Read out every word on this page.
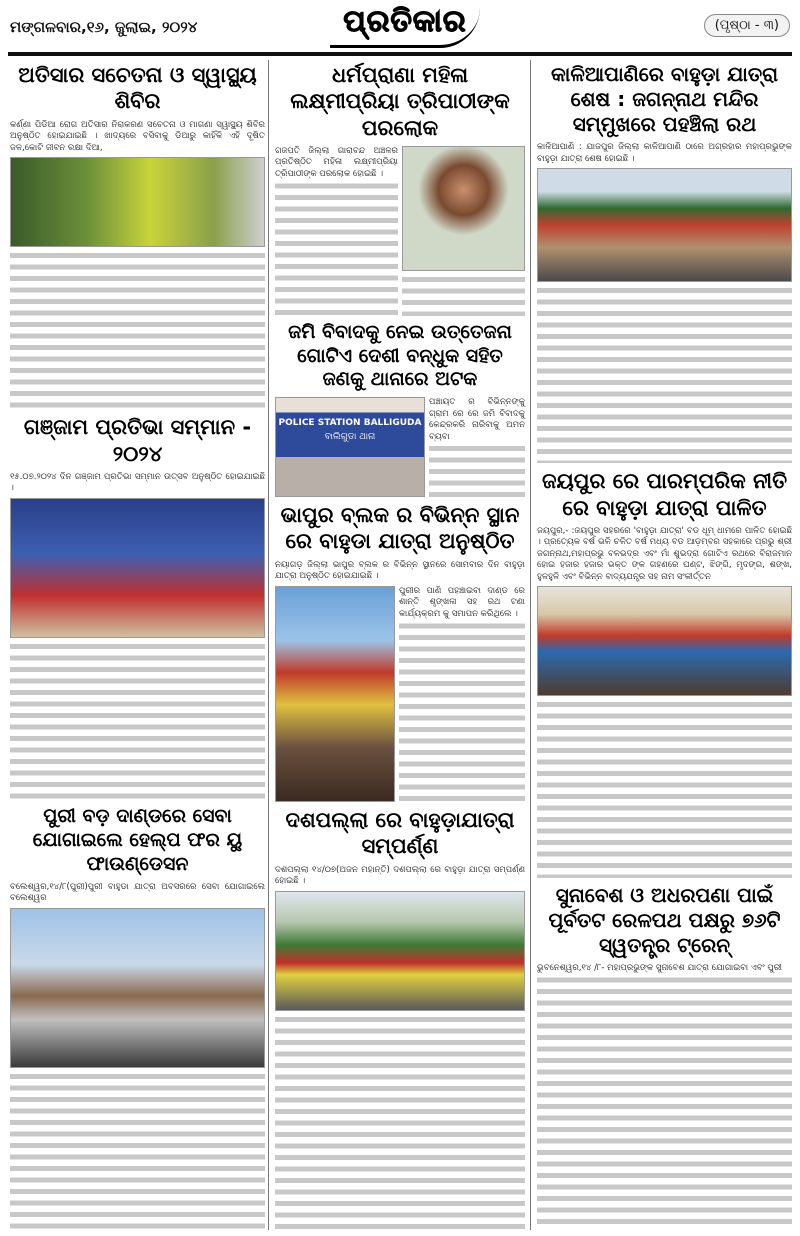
ମଙ୍ଗଳବାର,୧୬, ଜୁଲାଇ, ୨୦୨୪	ପ୍ରତିକାର	(ପୃଷ୍ଠା - ୩)
ଅତିସାର ସଚେତନା ଓ ସ୍ୱାସ୍ଥ୍ୟ ଶିବିର
କର୍ଣ୍ଣା ପିଡିଆ ରୋଗ ଅତିସାର ନିରାକରଣ ସଚେତନା ଓ ମାଗଣା ସ୍ୱାସ୍ଥ୍ୟ ଶିବିର ଅନୁଷ୍ଠିତ ହୋଇଯାଇଛି । ଖାଦ୍ୟରେ ବସିବାକୁ ଡିଆରୁ କାହିଁକି ଏହି ଦୂଷିତ ଜଳ,କୋଟି ଜୀବନ ରକ୍ଷା ଦିଆ,
ଗଞ୍ଜାମ ପ୍ରତିଭା ସମ୍ମାନ - ୨୦୨୪
୧୫.୦୭.୨୦୨୪ ଦିନ ଗଞ୍ଜାମ ପ୍ରତିଭା ସମ୍ମାନ ଉତ୍ସବ ଅନୁଷ୍ଠିତ ହୋଇଯାଇଛି ।
ପୁରୀ ବଡ଼ ଦାଣ୍ଡରେ ସେବା ଯୋଗାଇଲେ ହେଲ୍ପ ଫର ୟୁ ଫାଉଣ୍ଡେସନ
ବଲେଶ୍ୱର,୧୪/୮(ପୁରୀ)ପୁରୀ ବାହୁଡା ଯାତ୍ରା ଅବସରରେ ସେବା ଯୋଗାଇଲେ ବଲେଶ୍ୱର
ଧର୍ମପ୍ରାଣା ମହିଳା ଲକ୍ଷ୍ମୀପ୍ରିୟା ତ୍ରିପାଠୀଙ୍କ ପରଲୋକ
ଗଜପତି ଜିଲ୍ଲା ଗାରାବନ୍ଦ ଅଞ୍ଚଳର ପ୍ରତିଷ୍ଠିତ ମହିଳା ଲକ୍ଷ୍ମୀପ୍ରିୟା ତ୍ରିପାଠୀଙ୍କ ପରଲୋକ ହୋଇଛି ।
ଜମି ବିବାଦକୁ ନେଇ ଉତ୍ତେଜନା ଗୋଟିଏ ଦେଶୀ ବନ୍ଧୁକ ସହିତ ଜଣକୁ ଥାନାରେ ଅଟକ
POLICE STATION BALLIGUDA
ବାଲିଗୁଡା ଥାନା
ପଞ୍ଚାୟତ ର ବିଭିନ୍ନଙ୍କୁ ଗ୍ରାମ ରେ ରେ ଜମି ବିବାଦକୁ କେନ୍ଦ୍ରକରି ନାରିବାକୁ ଅମନ ବ୍ୟବା
ଭାପୁର ବ୍ଲକ ର ବିଭିନ୍ନ ସ୍ଥାନ ରେ ବାହୁଡା ଯାତ୍ରା ଅନୁଷ୍ଠିତ
ନୟାଗଡ଼ ଜିଲ୍ଲା ଭାପୁର ବ୍ଲକ ର ବିଭିନ୍ନ ସ୍ଥାନରେ ସୋମବାର ଦିନ ବାହୁଡ଼ା ଯାତ୍ରା ଅନୁଷ୍ଠିତ ହୋଇଯାଇଛି ।
ପୁରୀର ପାଣି ପହଞ୍ଚାଇବା ଦାଣ୍ଡ ରେ ଶାନ୍ତି ଶୃଙ୍ଖଳା ସହ ରଥ ଟଣା କାର୍ଯ୍ୟକ୍ରମ କୁ ସମାପନ କରିଥିଲେ ।
ଦଶପଲ୍ଲା ରେ ବାହୁଡ଼ାଯାତ୍ରା ସମ୍ପର୍ଣ୍ଣ
ଦଶପଲ୍ଲା ୧୪/୦୭(ଅଜନ ମହାନ୍ତି) ଦଶପଲ୍ଲା ରେ ବାହୁଡ଼ା ଯାତ୍ରା ସମ୍ପର୍ଣ୍ଣ ହୋଇଛି ।
କାଳିଆପାଣିରେ ବାହୁଡ଼ା ଯାତ୍ରା ଶେଷ : ଜଗନ୍ନାଥ ମନ୍ଦିର ସମ୍ମୁଖରେ ପହଞ୍ଚିଲା ରଥ
କାଳିଆପାଣି : ଯାଜପୁର ଜିଲ୍ଲା କାଳିଆପାଣି ଠାରେ ଅଗ୍ରହାର ମହାପ୍ରଭୁଙ୍କ ବାହୁଡ଼ା ଯାତ୍ରା ଶେଷ ହୋଇଛି ।
ଜୟପୁର ରେ ପାରମ୍ପରିକ ନୀତି ରେ ବାହୁଡ଼ା ଯାତ୍ରା ପାଳିତ
ଜୟପୁର,- :ଜୟପୁର ସହରରେ 'ବାହୁଡ଼ା ଯାତ୍ରା' ବଡ ଧୂମ୍ ଧାମରେ ପାଳିତ ହୋଇଛି । ପ୍ରତ୍ୟେକ ବର୍ଷ ଭଳି ଚଳିତ ବର୍ଷ ମଧ୍ୟ ବଡ ଆଡ଼ମ୍ବର ସହକାରେ ପ୍ରଭୁ ଶ୍ରୀ ଜଗନ୍ନାଥ,ମହାପ୍ରଭୁ ବଳଭଦ୍ର ଏବଂ ମାଁ ଶୁଭଦ୍ରା ଗୋଟିଏ ରଥରେ ବିରାଜମାନ ହୋଇ ହଜାର ହଜାର ଭକ୍ତ ଙ୍କ ଗହଣରେ ଘଣ୍ଟ, ଝିଙ୍ଗି, ମୃଦଙ୍ଗ, ଶଙ୍ଖ, ହୁଳହୁଳି ଏବଂ ବିଭିନ୍ନ ବାଦ୍ୟଯନ୍ତ୍ର ସହ ନାମ ସଂକୀର୍ତ୍ତନ
ସୁନାବେଶ ଓ ଅଧରପଣା ପାଇଁ ପୂର୍ବତଟ ରେଳପଥ ପକ୍ଷରୁ ୭୬ଟି ସ୍ୱତନ୍ତ୍ର ଟ୍ରେନ୍
ଭୁବନେଶ୍ୱର,୧୪ /୮- ମହାପ୍ରଭୁଙ୍କ ସୁନାବେଶ ଯାତ୍ରା ଯୋଗାଇବା ଏବଂ ପୁରୀ
